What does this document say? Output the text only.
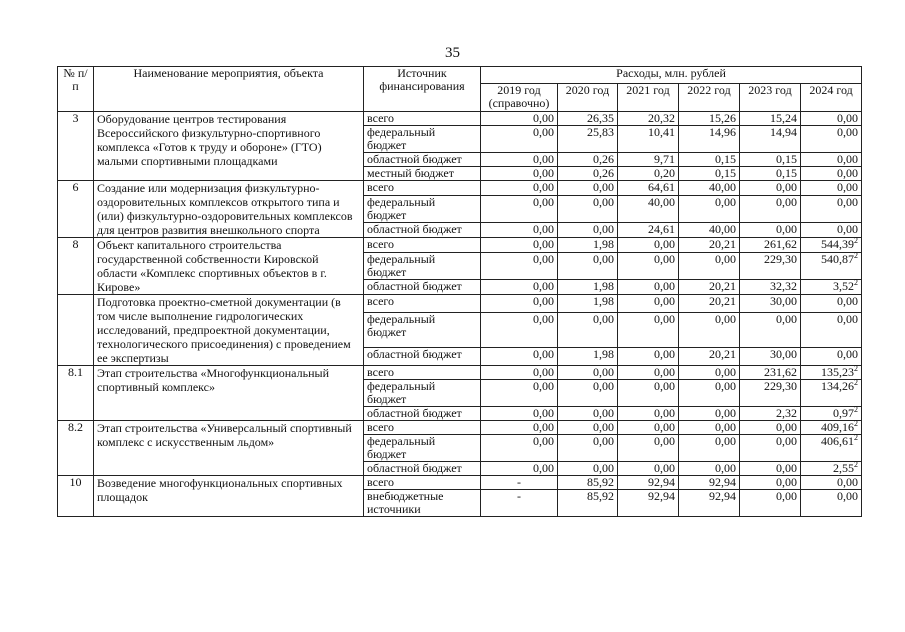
35
№ п/п	Наименование мероприятия, объекта	Источник финансирования	Расходы, млн. рублей					
			2019 год (справочно)	2020 год	2021 год	2022 год	2023 год	2024 год
3	Оборудование центров тестирования Всероссийского физкультурно-спортивного комплекса «Готов к труду и обороне» (ГТО) малыми спортивными площадками	всего	0,00	26,35	20,32	15,26	15,24	0,00
		федеральный бюджет	0,00	25,83	10,41	14,96	14,94	0,00
		областной бюджет	0,00	0,26	9,71	0,15	0,15	0,00
		местный бюджет	0,00	0,26	0,20	0,15	0,15	0,00
6	Создание или модернизация физкультурно-оздоровительных комплексов открытого типа и (или) физкультурно-оздоровительных комплексов для центров развития внешкольного спорта	всего	0,00	0,00	64,61	40,00	0,00	0,00
		федеральный бюджет	0,00	0,00	40,00	0,00	0,00	0,00
		областной бюджет	0,00	0,00	24,61	40,00	0,00	0,00
8	Объект капитального строительства государственной собственности Кировской области «Комплекс спортивных объектов в г. Кирове»	всего	0,00	1,98	0,00	20,21	261,62	544,39$^2$
		федеральный бюджет	0,00	0,00	0,00	0,00	229,30	540,87$^2$
		областной бюджет	0,00	1,98	0,00	20,21	32,32	3,52$^2$
	Подготовка проектно-сметной документации (в том числе выполнение гидрологических исследований, предпроектной документации, технологического присоединения) с проведением ее экспертизы	всего	0,00	1,98	0,00	20,21	30,00	0,00
		федеральный бюджет	0,00	0,00	0,00	0,00	0,00	0,00
		областной бюджет	0,00	1,98	0,00	20,21	30,00	0,00
8.1	Этап строительства «Многофункциональный спортивный комплекс»	всего	0,00	0,00	0,00	0,00	231,62	135,23$^2$
		федеральный бюджет	0,00	0,00	0,00	0,00	229,30	134,26$^2$
		областной бюджет	0,00	0,00	0,00	0,00	2,32	0,97$^2$
8.2	Этап строительства «Универсальный спортивный комплекс с искусственным льдом»	всего	0,00	0,00	0,00	0,00	0,00	409,16$^2$
		федеральный бюджет	0,00	0,00	0,00	0,00	0,00	406,61$^2$
		областной бюджет	0,00	0,00	0,00	0,00	0,00	2,55$^2$
10	Возведение многофункциональных спортивных площадок	всего	-	85,92	92,94	92,94	0,00	0,00
		внебюджетные источники	-	85,92	92,94	92,94	0,00	0,00
